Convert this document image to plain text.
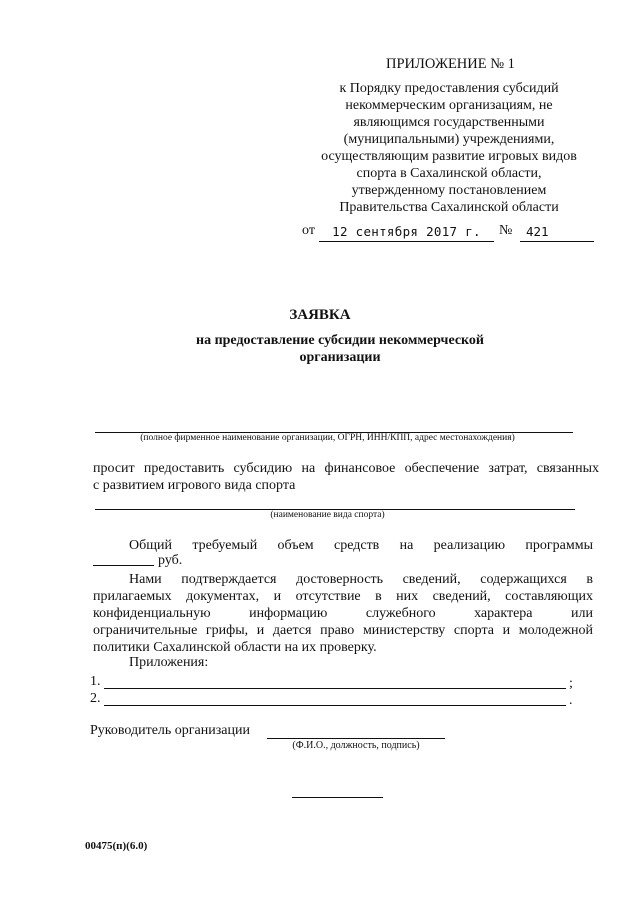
ПРИЛОЖЕНИЕ № 1
к Порядку предоставления субсидий
некоммерческим организациям, не
являющимся государственными
(муниципальными) учреждениями,
осуществляющим развитие игровых видов
спорта в Сахалинской области,
утвержденному постановлением
Правительства Сахалинской области
от	12 сентября 2017 г.	№	421
ЗАЯВКА
на предоставление субсидии некоммерческой
организации
(полное фирменное наименование организации, ОГРН, ИНН/КПП, адрес местонахождения)
просит предоставить субсидию на финансовое обеспечение затрат, связанных
с развитием игрового вида спорта
(наименование вида спорта)
Общий требуемый объем средств на реализацию программы
руб.
Нами подтверждается достоверность сведений, содержащихся в
прилагаемых документах, и отсутствие в них сведений, составляющих
конфиденциальную информацию служебного характера или
ограничительные грифы, и дается право министерству спорта и молодежной
политики Сахалинской области на их проверку.
Приложения:
1.	;
2.	.
Руководитель организации
(Ф.И.О., должность, подпись)
00475(п)(6.0)
